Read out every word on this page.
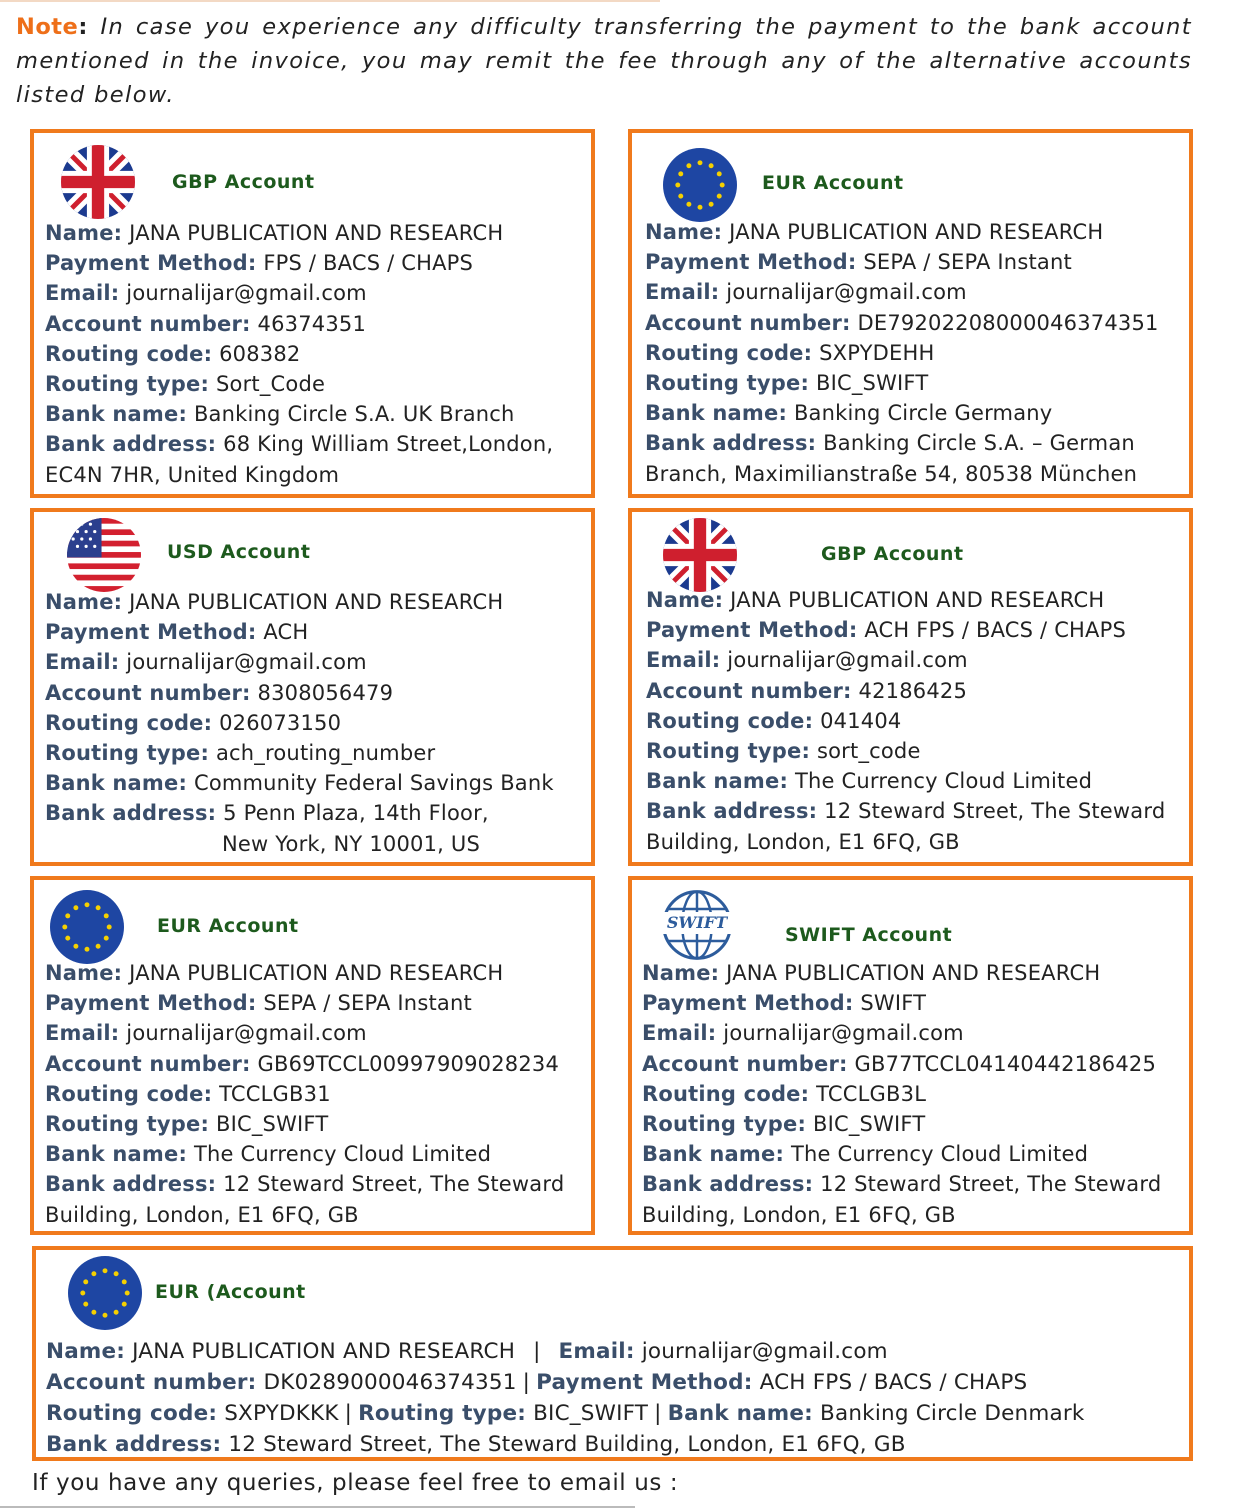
Note: In case you experience any difficulty transferring the payment to the bank account mentioned in the invoice, you may remit the fee through any of the alternative accounts listed below.
GBP Account
Name: JANA PUBLICATION AND RESEARCH
Payment Method: FPS / BACS / CHAPS
Email: journalijar@gmail.com
Account number: 46374351
Routing code: 608382
Routing type: Sort_Code
Bank name: Banking Circle S.A. UK Branch
Bank address: 68 King William Street,London,
EC4N 7HR, United Kingdom
EUR Account
Name: JANA PUBLICATION AND RESEARCH
Payment Method: SEPA / SEPA Instant
Email: journalijar@gmail.com
Account number: DE79202208000046374351
Routing code: SXPYDEHH
Routing type: BIC_SWIFT
Bank name: Banking Circle Germany
Bank address: Banking Circle S.A. – German
Branch, Maximilianstraße 54, 80538 München
USD Account
Name: JANA PUBLICATION AND RESEARCH
Payment Method: ACH
Email: journalijar@gmail.com
Account number: 8308056479
Routing code: 026073150
Routing type: ach_routing_number
Bank name: Community Federal Savings Bank
Bank address: 5 Penn Plaza, 14th Floor,
New York, NY 10001, US
GBP Account
Name: JANA PUBLICATION AND RESEARCH
Payment Method: ACH FPS / BACS / CHAPS
Email: journalijar@gmail.com
Account number: 42186425
Routing code: 041404
Routing type: sort_code
Bank name: The Currency Cloud Limited
Bank address: 12 Steward Street, The Steward
Building, London, E1 6FQ, GB
EUR Account
Name: JANA PUBLICATION AND RESEARCH
Payment Method: SEPA / SEPA Instant
Email: journalijar@gmail.com
Account number: GB69TCCL00997909028234
Routing code: TCCLGB31
Routing type: BIC_SWIFT
Bank name: The Currency Cloud Limited
Bank address: 12 Steward Street, The Steward
Building, London, E1 6FQ, GB
SWIFT
SWIFT Account
Name: JANA PUBLICATION AND RESEARCH
Payment Method: SWIFT
Email: journalijar@gmail.com
Account number: GB77TCCL04140442186425
Routing code: TCCLGB3L
Routing type: BIC_SWIFT
Bank name: The Currency Cloud Limited
Bank address: 12 Steward Street, The Steward
Building, London, E1 6FQ, GB
EUR (Account
Name: JANA PUBLICATION AND RESEARCH | Email: journalijar@gmail.com
Account number: DK0289000046374351 | Payment Method: ACH FPS / BACS / CHAPS
Routing code: SXPYDKKK | Routing type: BIC_SWIFT | Bank name: Banking Circle Denmark
Bank address: 12 Steward Street, The Steward Building, London, E1 6FQ, GB
If you have any queries, please feel free to email us :
